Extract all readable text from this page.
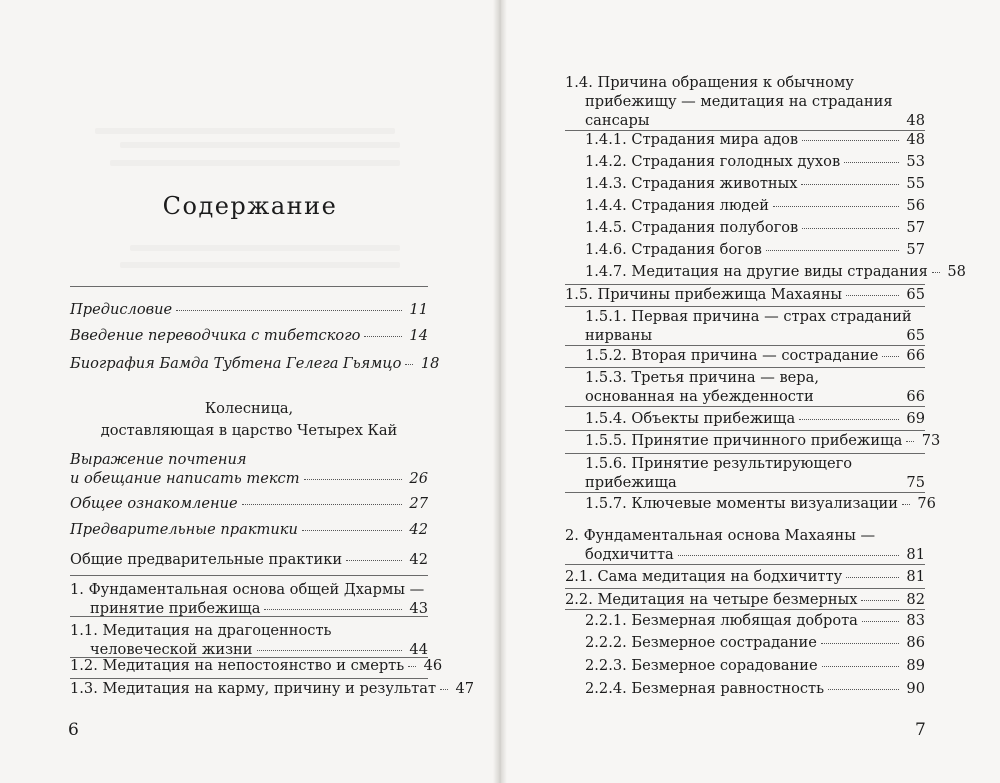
Содержание
Предисловие	11
Введение переводчика с тибетского	14
Биография Бамда Тубтена Гелега Гьямцо 18
Колесница,
доставляющая в царство Четырех Кай
Выражение почтения
и обещание написать текст	26
Общее ознакомление	27
Предварительные практики	42
Общие предварительные практики	42
1. Фундаментальная основа общей Дхармы —
принятие прибежища	43
1.1. Медитация на драгоценность
человеческой жизни	44
1.2. Медитация на непостоянство и смерть 46
1.3. Медитация на карму, причину и результат 47
6
1.4. Причина обращения к обычному
прибежищу — медитация на страдания
сансары	48
1.4.1. Страдания мира адов	48
1.4.2. Страдания голодных духов	53
1.4.3. Страдания животных	55
1.4.4. Страдания людей	56
1.4.5. Страдания полубогов	57
1.4.6. Страдания богов	57
1.4.7. Медитация на другие виды страдания 58
1.5. Причины прибежища Махаяны	65
1.5.1. Первая причина — страх страданий
нирваны	65
1.5.2. Вторая причина — сострадание 66
1.5.3. Третья причина — вера,
основанная на убежденности	66
1.5.4. Объекты прибежища	69
1.5.5. Принятие причинного прибежища 73
1.5.6. Принятие результирующего
прибежища	75
1.5.7. Ключевые моменты визуализации 76
2. Фундаментальная основа Махаяны —
бодхичитта	81
2.1. Сама медитация на бодхичитту	81
2.2. Медитация на четыре безмерных	82
2.2.1. Безмерная любящая доброта	83
2.2.2. Безмерное сострадание	86
2.2.3. Безмерное сорадование	89
2.2.4. Безмерная равностность	90
7
